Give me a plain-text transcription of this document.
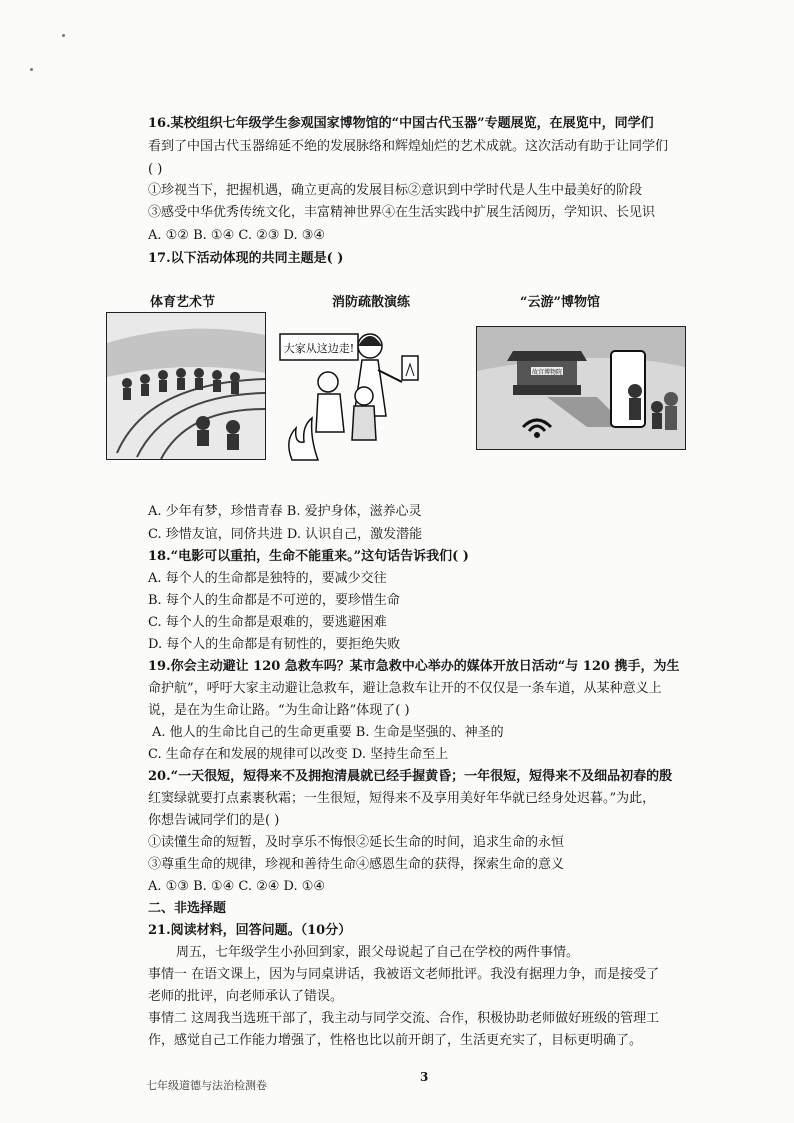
16.某校组织七年级学生参观国家博物馆的“中国古代玉器”专题展览，在展览中，同学们
看到了中国古代玉器绵延不绝的发展脉络和辉煌灿烂的艺术成就。这次活动有助于让同学们
( )
①珍视当下，把握机遇，确立更高的发展目标②意识到中学时代是人生中最美好的阶段
③感受中华优秀传统文化，丰富精神世界④在生活实践中扩展生活阅历，学知识、长见识
A. ①② B. ①④ C. ②③ D. ③④
17.以下活动体现的共同主题是( )
体育艺术节	消防疏散演练	“云游”博物馆
大家从这边走!
故宫博物院
A. 少年有梦，珍惜青春 B. 爱护身体，滋养心灵
C. 珍惜友谊，同侪共进 D. 认识自己，激发潜能
18.“电影可以重拍，生命不能重来。”这句话告诉我们( )
A. 每个人的生命都是独特的，要减少交往
B. 每个人的生命都是不可逆的，要珍惜生命
C. 每个人的生命都是艰难的，要逃避困难
D. 每个人的生命都是有韧性的，要拒绝失败
19.你会主动避让 120 急救车吗？某市急救中心举办的媒体开放日活动“与 120 携手，为生
命护航”，呼吁大家主动避让急救车，避让急救车让开的不仅仅是一条车道，从某种意义上
说，是在为生命让路。“为生命让路”体现了( )
A. 他人的生命比自己的生命更重要 B. 生命是坚强的、神圣的
C. 生命存在和发展的规律可以改变 D. 坚持生命至上
20.“一天很短，短得来不及拥抱清晨就已经手握黄昏；一年很短，短得来不及细品初春的殷
红窦绿就要打点素裹秋霜；一生很短，短得来不及享用美好年华就已经身处迟暮。”为此，
你想告诫同学们的是( )
①读懂生命的短暂，及时享乐不悔恨②延长生命的时间，追求生命的永恒
③尊重生命的规律，珍视和善待生命④感恩生命的获得，探索生命的意义
A. ①③ B. ①④ C. ②④ D. ①④
二、非选择题
21.阅读材料，回答问题。（10分）
周五，七年级学生小孙回到家，跟父母说起了自己在学校的两件事情。
事情一 在语文课上，因为与同桌讲话，我被语文老师批评。我没有据理力争，而是接受了
老师的批评，向老师承认了错误。
事情二 这周我当选班干部了，我主动与同学交流、合作，积极协助老师做好班级的管理工
作，感觉自己工作能力增强了，性格也比以前开朗了，生活更充实了，目标更明确了。
七年级道德与法治检测卷
3
